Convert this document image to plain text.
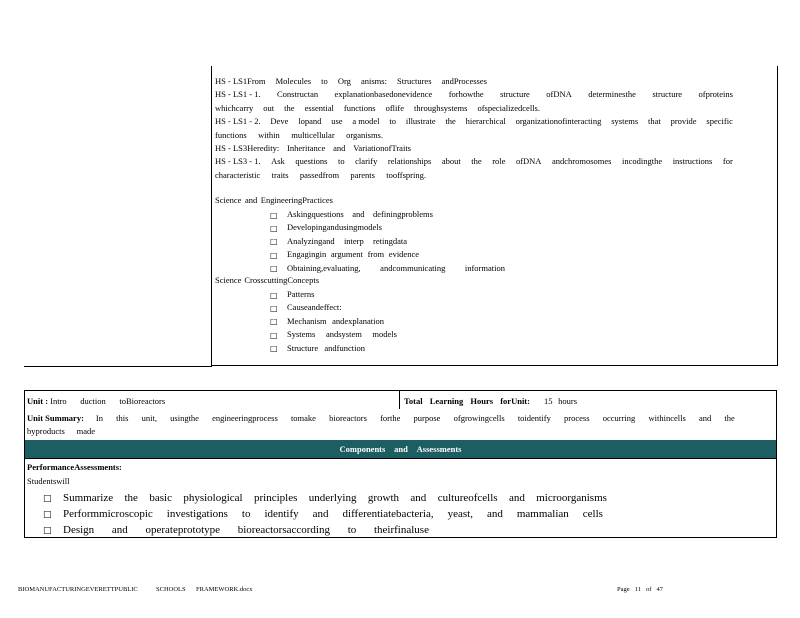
HS - LS1From Molecules to Org anisms: Structures andProcesses
HS - LS1 - 1. Constructan explanationbasedonevidence forhowthe structure ofDNA determinesthe structure ofproteins
whichcarry out the essential functions oflife throughsystems ofspecializedcells.
HS - LS1 - 2. Deve lopand use a model to illustrate the hierarchical organizationofinteracting systems that provide specific
functions within multicellular organisms.
HS - LS3Heredity: Inheritance and VariationofTraits
HS - LS3 - 1. Ask questions to clarify relationships about the role ofDNA andchromosomes incodingthe instructions for
characteristic traits passedfrom parents tooffspring.
Science and EngineeringPractices
□ Askingquestions and definingproblems
□ Developingand usingmodels
□ Analyzingand interp retingdata
□ Engagingin argument from evidence
□ Obtaining,evaluating, andcommunicating information
Science CrosscuttingConcepts
□ Patterns
□ Cause andeffect:
□ Mechanism andexplanation
□ Systems andsystem models
□ Structure andfunction
Unit : Intro duction toBioreactors	Total Learning Hours forUnit: 15 hours
Unit Summary: In this unit, usingthe engineeringprocess tomake bioreactors forthe purpose ofgrowingcells toidentify process occurring withincells and the
byproducts made
Components and Assessments
PerformanceAssessments:
Students will
□ Summarize the basic physiological principles underlying growth and cultureofcells and microorganisms
□ Performmicroscopic investigations to identify and differentiatebacteria, yeast, and mammalian cells
□ Design and operateprototype bioreactorsaccording to theirfinaluse
BIOMANUFACTURINGEVERETTPUBLIC	SCHOOLS FRAMEWORK.docx	Page 11 of 47
